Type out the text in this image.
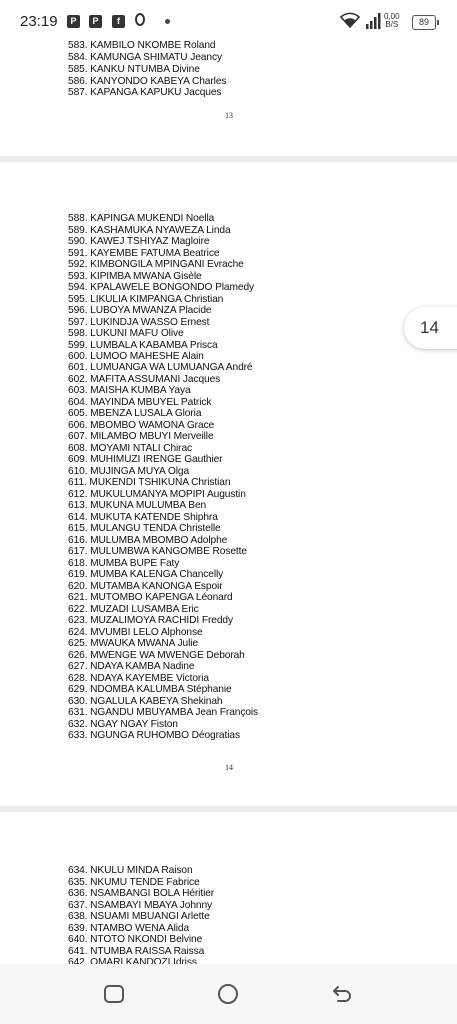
23:19	P	P	f	0,00
B/S	89
583. KAMBILO NKOMBE Roland
584. KAMUNGA SHIMATU Jeancy
585. KANKU NTUMBA Divine
586. KANYONDO KABEYA Charles
587. KAPANGA KAPUKU Jacques
13
588. KAPINGA MUKENDI Noella
589. KASHAMUKA NYAWEZA Linda
590. KAWEJ TSHIYAZ Magloire
591. KAYEMBE FATUMA Beatrice
592. KIMBONGILA MPINGANI Evrache
593. KIPIMBA MWANA Gisèle
594. KPALAWELE BONGONDO Plamedy
595. LIKULIA KIMPANGA Christian
596. LUBOYA MWANZA Placide
597. LUKINDJA WASSO Ernest
598. LUKUNI MAFU Olive
599. LUMBALA KABAMBA Prisca
600. LUMOO MAHESHE Alain
601. LUMUANGA WA LUMUANGA André
602. MAFITA ASSUMANI Jacques
603. MAISHA KUMBA Yaya
604. MAYINDA MBUYEL Patrick
605. MBENZA LUSALA Gloria
606. MBOMBO WAMONA Grace
607. MILAMBO MBUYI Merveille
608. MOYAMI NTALI Chirac
609. MUHIMUZI IRENGE Gauthier
610. MUJINGA MUYA Olga
611. MUKENDI TSHIKUNA Christian
612. MUKULUMANYA MOPIPI Augustin
613. MUKUNA MULUMBA Ben
614. MUKUTA KATENDE Shiphra
615. MULANGU TENDA Christelle
616. MULUMBA MBOMBO Adolphe
617. MULUMBWA KANGOMBE Rosette
618. MUMBA BUPE Faty
619. MUMBA KALENGA Chancelly
620. MUTAMBA KANONGA Espoir
621. MUTOMBO KAPENGA Léonard
622. MUZADI LUSAMBA Eric
623. MUZALIMOYA RACHIDI Freddy
624. MVUMBI LELO Alphonse
625. MWAUKA MWANA Julie
626. MWENGE WA MWENGE Deborah
627. NDAYA KAMBA Nadine
628. NDAYA KAYEMBE Victoria
629. NDOMBA KALUMBA Stéphanie
630. NGALULA KABEYA Shekinah
631. NGANDU MBUYAMBA Jean François
632. NGAY NGAY Fiston
633. NGUNGA RUHOMBO Déogratias
14
634. NKULU MINDA Raison
635. NKUMU TENDE Fabrice
636. NSAMBANGI BOLA Héritier
637. NSAMBAYI MBAYA Johnny
638. NSUAMI MBUANGI Arlette
639. NTAMBO WENA Alida
640. NTOTO NKONDI Belvine
641. NTUMBA RAISSA Raissa
642. OMARI KANDOZI Idriss
14
